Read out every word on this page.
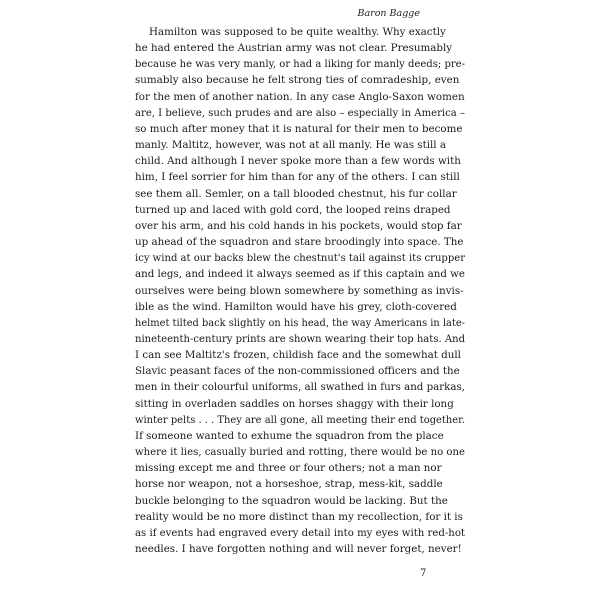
Baron Bagge
Hamilton was supposed to be quite wealthy. Why exactly
he had entered the Austrian army was not clear. Presumably
because he was very manly, or had a liking for manly deeds; pre-
sumably also because he felt strong ties of comradeship, even
for the men of another nation. In any case Anglo-Saxon women
are, I believe, such prudes and are also – especially in America –
so much after money that it is natural for their men to become
manly. Maltitz, however, was not at all manly. He was still a
child. And although I never spoke more than a few words with
him, I feel sorrier for him than for any of the others. I can still
see them all. Semler, on a tall blooded chestnut, his fur collar
turned up and laced with gold cord, the looped reins draped
over his arm, and his cold hands in his pockets, would stop far
up ahead of the squadron and stare broodingly into space. The
icy wind at our backs blew the chestnut's tail against its crupper
and legs, and indeed it always seemed as if this captain and we
ourselves were being blown somewhere by something as invis-
ible as the wind. Hamilton would have his grey, cloth-covered
helmet tilted back slightly on his head, the way Americans in late-
nineteenth-century prints are shown wearing their top hats. And
I can see Maltitz's frozen, childish face and the somewhat dull
Slavic peasant faces of the non-commissioned officers and the
men in their colourful uniforms, all swathed in furs and parkas,
sitting in overladen saddles on horses shaggy with their long
winter pelts . . . They are all gone, all meeting their end together.
If someone wanted to exhume the squadron from the place
where it lies, casually buried and rotting, there would be no one
missing except me and three or four others; not a man nor
horse nor weapon, not a horseshoe, strap, mess-kit, saddle
buckle belonging to the squadron would be lacking. But the
reality would be no more distinct than my recollection, for it is
as if events had engraved every detail into my eyes with red-hot
needles. I have forgotten nothing and will never forget, never!
7
